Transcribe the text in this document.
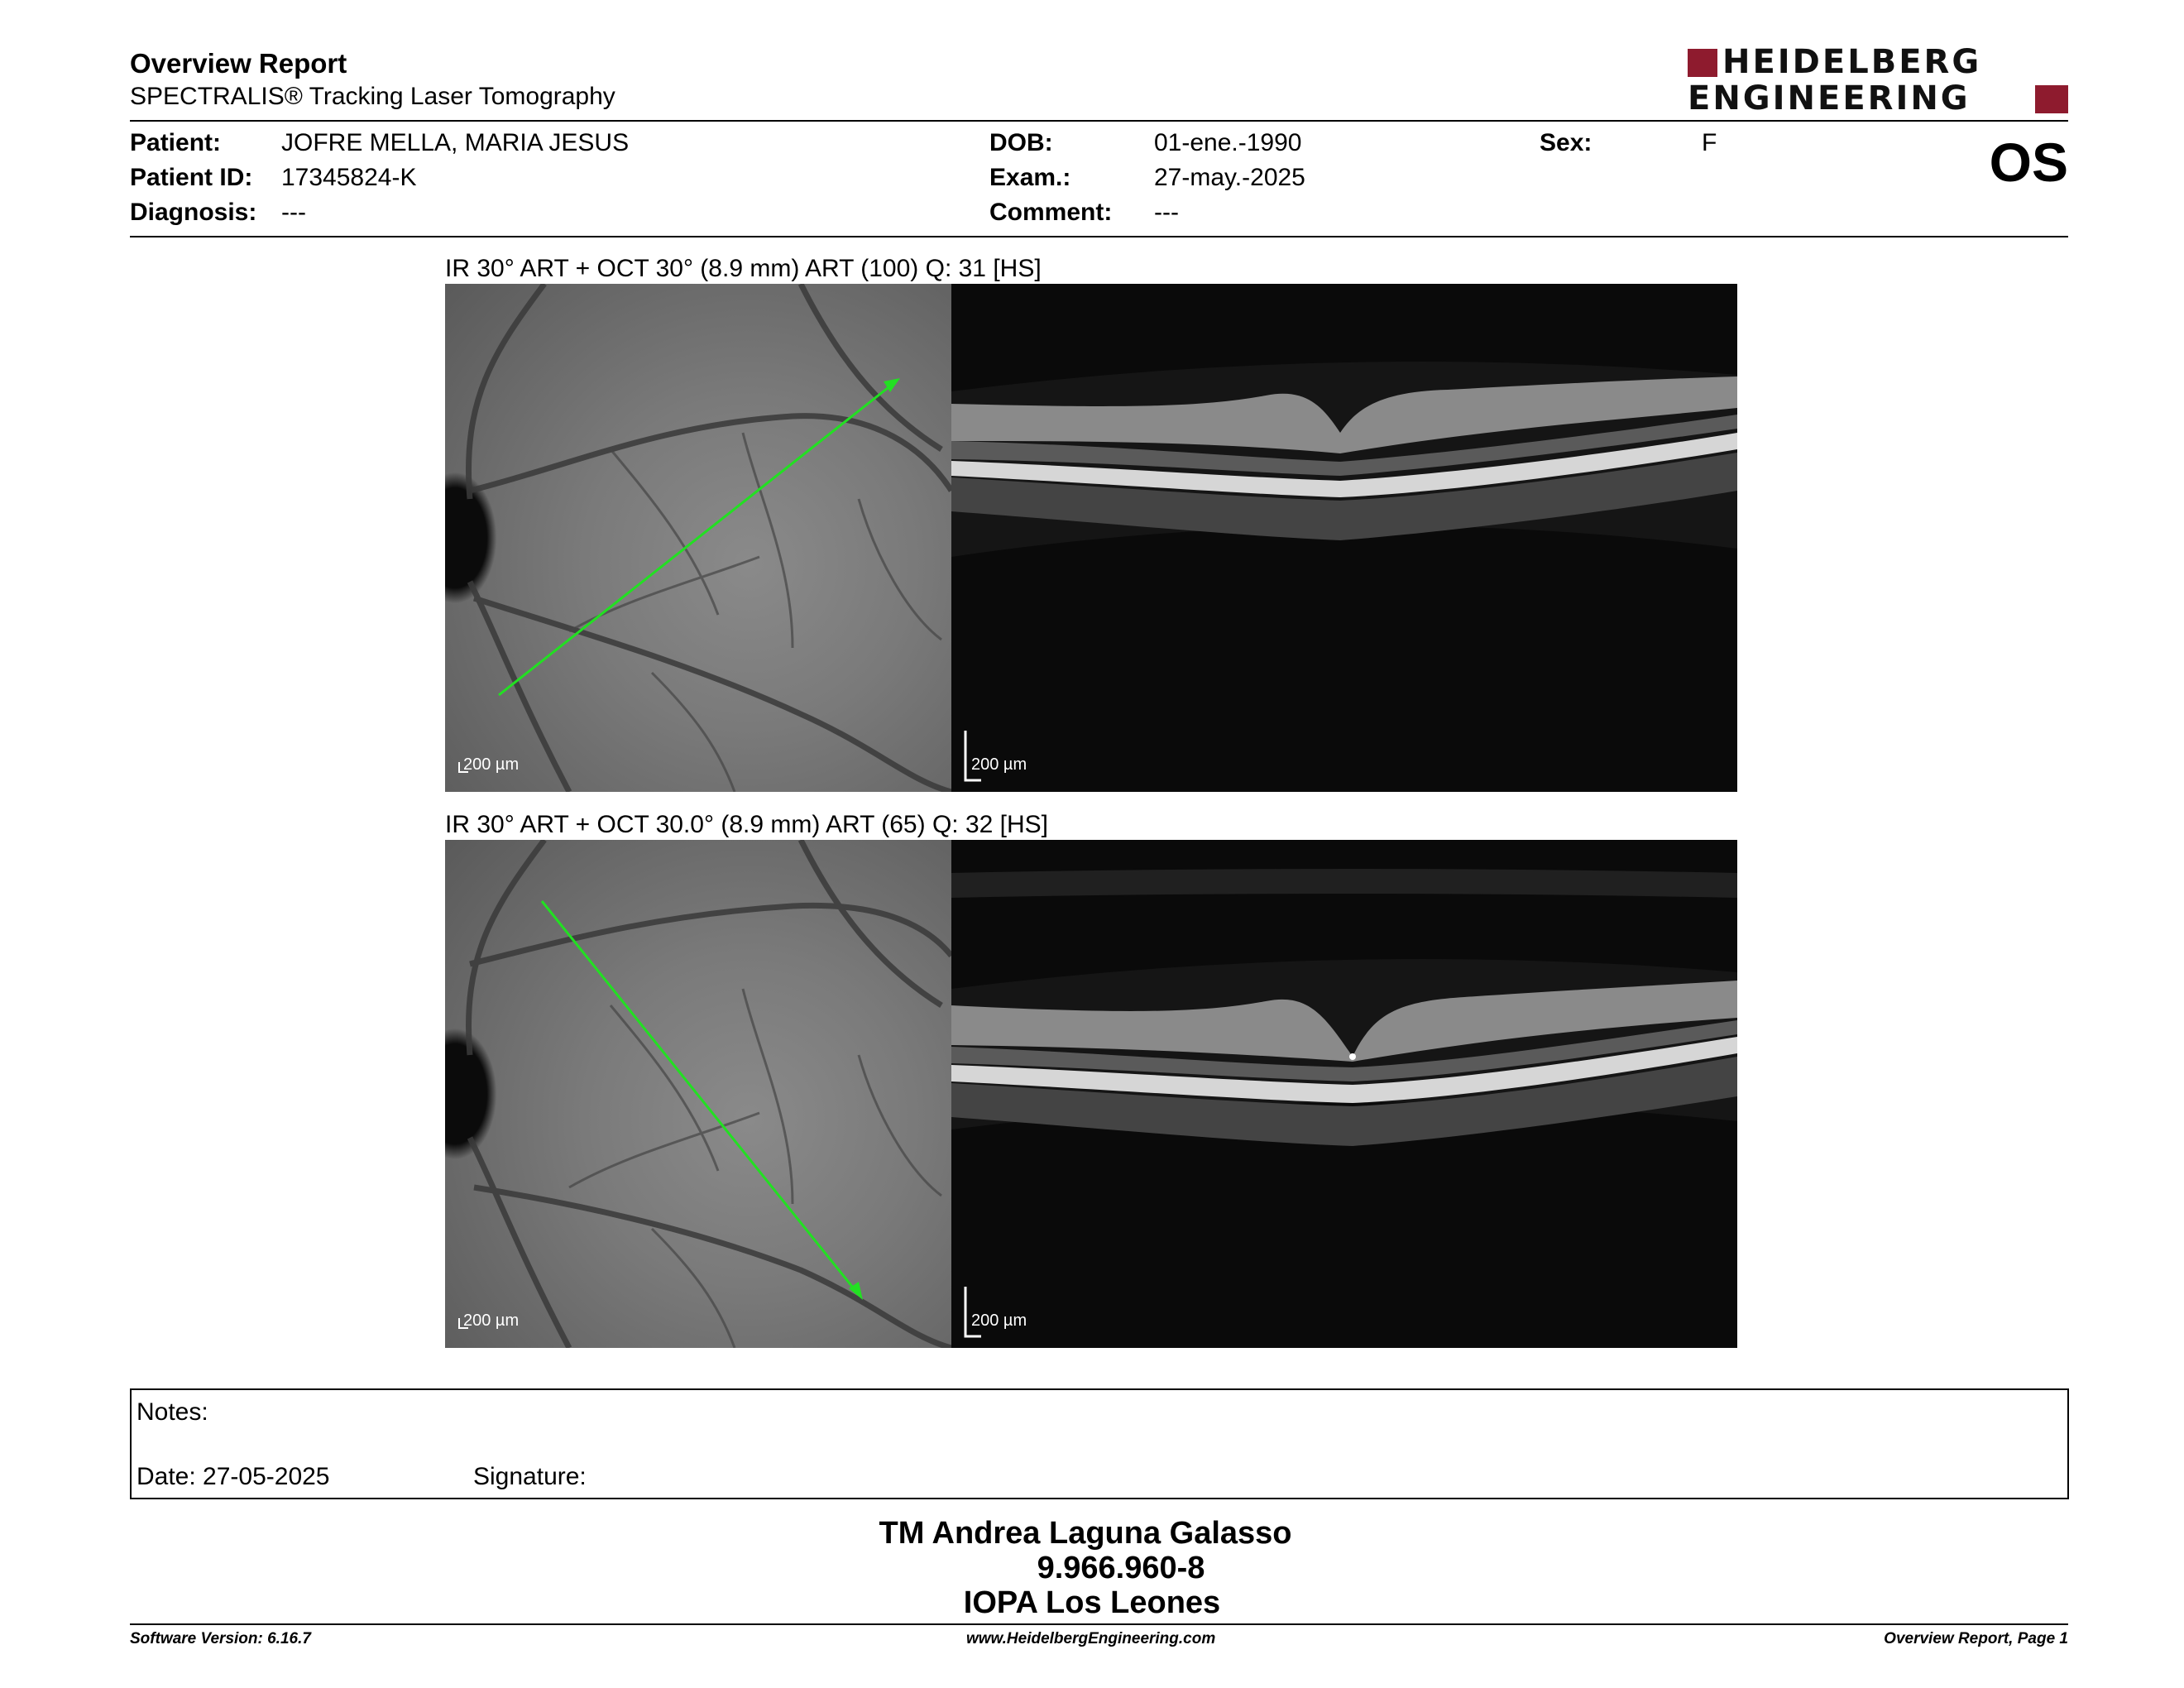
Overview Report
SPECTRALIS® Tracking Laser Tomography
HEIDELBERG
ENGINEERING
Patient: JOFRE MELLA, MARIA JESUS
Patient ID: 17345824-K
Diagnosis: ---
DOB:	01-ene.-1990
Exam.:	27-may.-2025
Comment: ---
Sex:	F	OS
IR 30° ART + OCT 30° (8.9 mm) ART (100) Q: 31 [HS]
200 µm	200 µm
IR 30° ART + OCT 30.0° (8.9 mm) ART (65) Q: 32 [HS]
200 µm	200 µm
Notes:
Date: 27-05-2025	Signature:
TM Andrea Laguna Galasso
9.966.960-8
IOPA Los Leones
Software Version: 6.16.7	www.HeidelbergEngineering.com	Overview Report, Page 1
